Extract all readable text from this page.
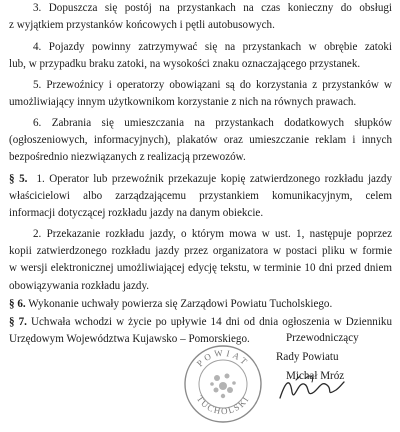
3. Dopuszcza się postój na przystankach na czas konieczny do obsługi
z wyjątkiem przystanków końcowych i pętli autobusowych.
4. Pojazdy powinny zatrzymywać się na przystankach w obrębie zatoki
lub, w przypadku braku zatoki, na wysokości znaku oznaczającego przystanek.
5. Przewoźnicy i operatorzy obowiązani są do korzystania z przystanków w
umożliwiający innym użytkownikom korzystanie z nich na równych prawach.
6. Zabrania się umieszczania na przystankach dodatkowych słupków
(ogłoszeniowych, informacyjnych), plakatów oraz umieszczanie reklam i innych
bezpośrednio niezwiązanych z realizacją przewozów.
§ 5. 1. Operator lub przewoźnik przekazuje kopię zatwierdzonego rozkładu jazdy
właścicielowi albo zarządzającemu przystankiem komunikacyjnym, celem
informacji dotyczącej rozkładu jazdy na danym obiekcie.
2. Przekazanie rozkładu jazdy, o którym mowa w ust. 1, następuje poprzez
kopii zatwierdzonego rozkładu jazdy przez organizatora w postaci pliku w formie
w wersji elektronicznej umożliwiającej edycję tekstu, w terminie 10 dni przed dniem
obowiązywania rozkładu jazdy.
§ 6. Wykonanie uchwały powierza się Zarządowi Powiatu Tucholskiego.
§ 7. Uchwała wchodzi w życie po upływie 14 dni od dnia ogłoszenia w Dzienniku
Urzędowym Województwa Kujawsko – Pomorskiego.
POWIAT
TUCHOLSKI
Przewodniczący
Rady Powiatu
Michał Mróz
